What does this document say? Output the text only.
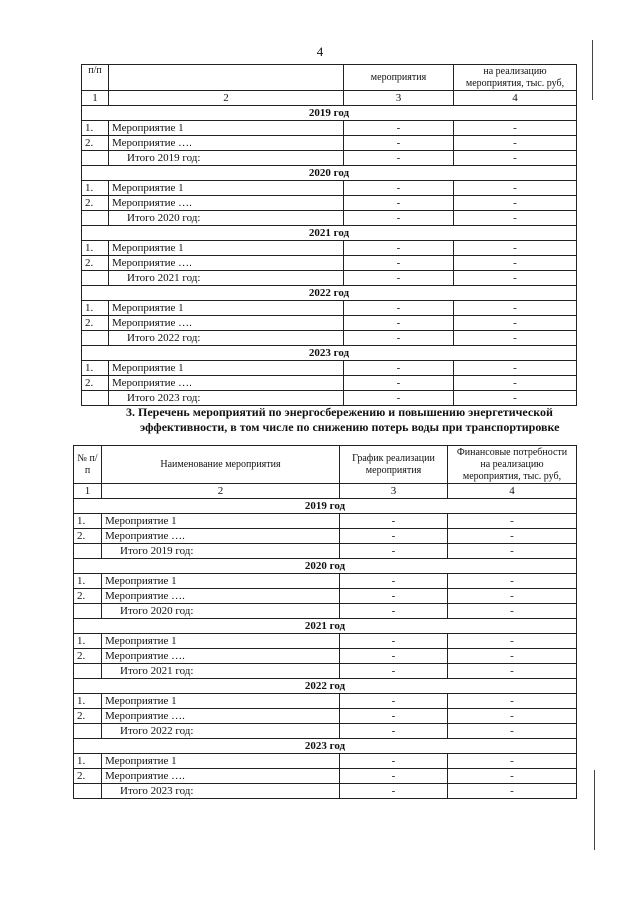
4
п/п		мероприятия	на реализацию мероприятия, тыс. руб,
1	2	3	4
2019 год			
1.	Мероприятие 1	-	-
2.	Мероприятие ….	-	-
	Итого 2019 год:	-	-
2020 год			
1.	Мероприятие 1	-	-
2.	Мероприятие ….	-	-
	Итого 2020 год:	-	-
2021 год			
1.	Мероприятие 1	-	-
2.	Мероприятие ….	-	-
	Итого 2021 год:	-	-
2022 год			
1.	Мероприятие 1	-	-
2.	Мероприятие ….	-	-
	Итого 2022 год:	-	-
2023 год			
1.	Мероприятие 1	-	-
2.	Мероприятие ….	-	-
	Итого 2023 год:	-	-
3. Перечень мероприятий по энергосбережению и повышению энергетической
эффективности, в том числе по снижению потерь воды при транспортировке
№ п/п	Наименование мероприятия	График реализации мероприятия	Финансовые потребности на реализацию мероприятия, тыс. руб,
1	2	3	4
2019 год			
1.	Мероприятие 1	-	-
2.	Мероприятие ….	-	-
	Итого 2019 год:	-	-
2020 год			
1.	Мероприятие 1	-	-
2.	Мероприятие ….	-	-
	Итого 2020 год:	-	-
2021 год			
1.	Мероприятие 1	-	-
2.	Мероприятие ….	-	-
	Итого 2021 год:	-	-
2022 год			
1.	Мероприятие 1	-	-
2.	Мероприятие ….	-	-
	Итого 2022 год:	-	-
2023 год			
1.	Мероприятие 1	-	-
2.	Мероприятие ….	-	-
	Итого 2023 год:	-	-
